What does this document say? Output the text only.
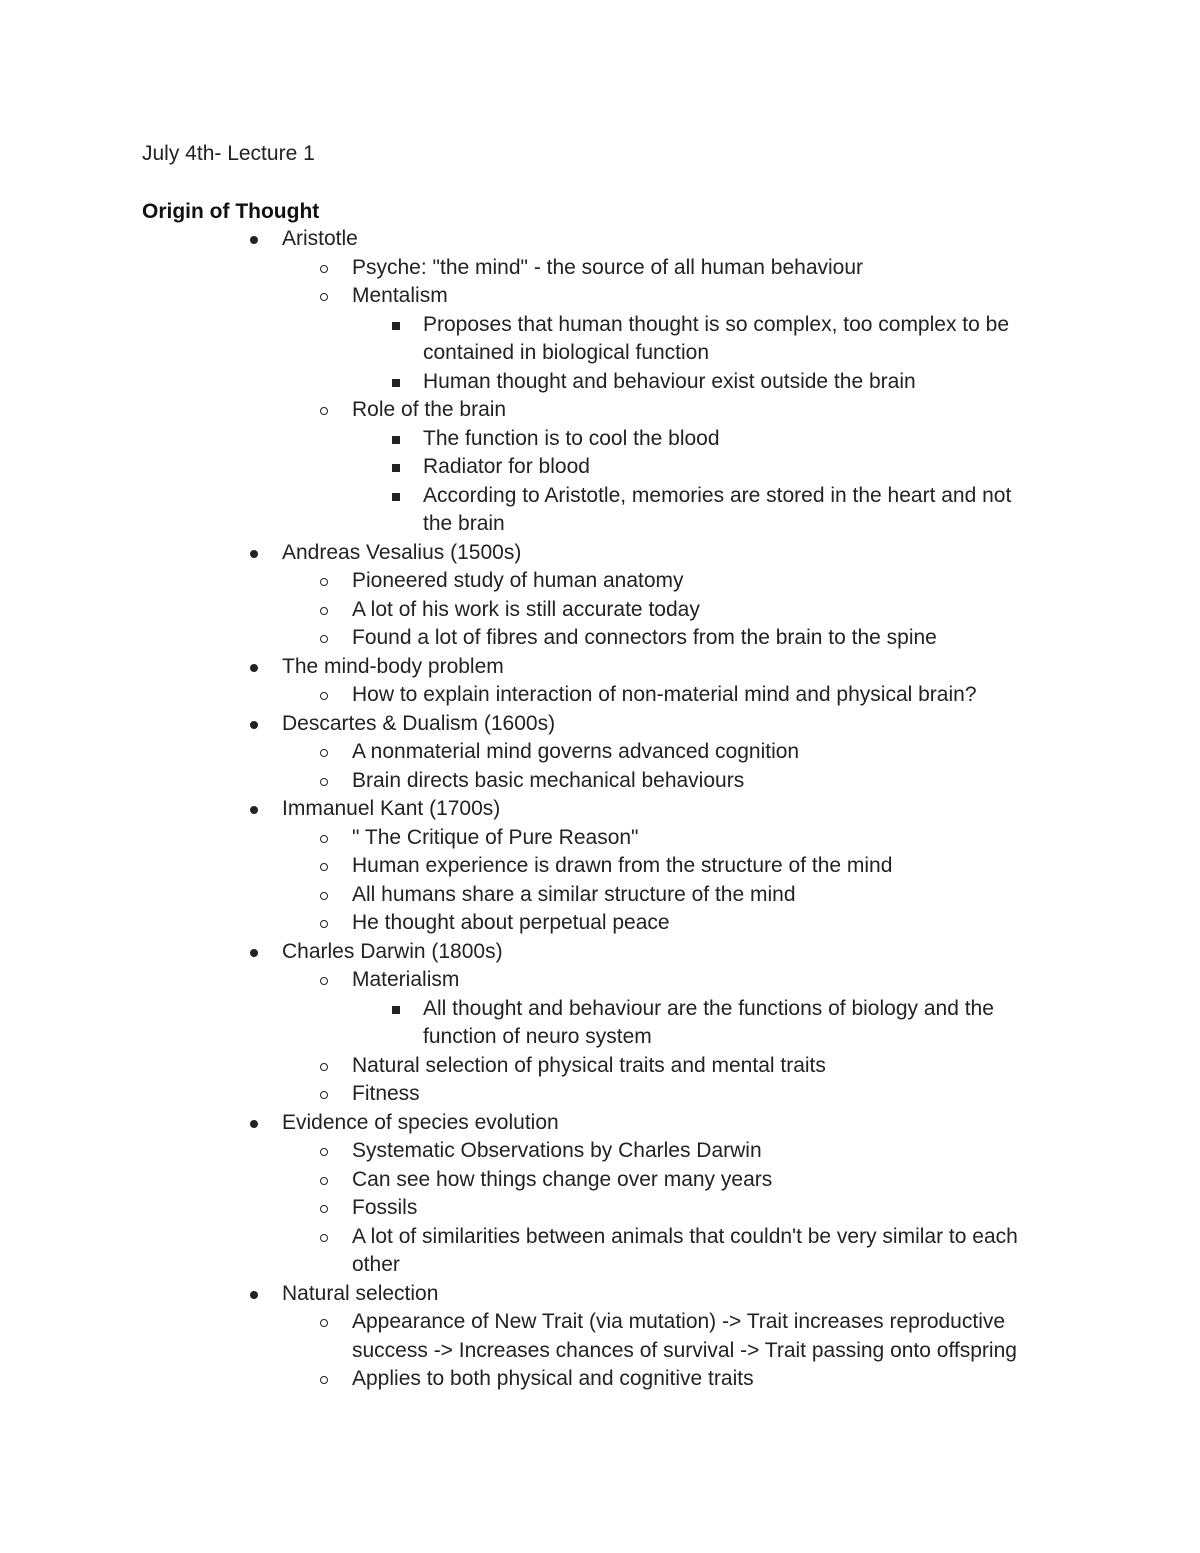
July 4th- Lecture 1
Origin of Thought
Aristotle
Psyche: "the mind" - the source of all human behaviour
Mentalism
Proposes that human thought is so complex, too complex to be contained in biological function
Human thought and behaviour exist outside the brain
Role of the brain
The function is to cool the blood
Radiator for blood
According to Aristotle, memories are stored in the heart and not the brain
Andreas Vesalius (1500s)
Pioneered study of human anatomy
A lot of his work is still accurate today
Found a lot of fibres and connectors from the brain to the spine
The mind-body problem
How to explain interaction of non-material mind and physical brain?
Descartes & Dualism (1600s)
A nonmaterial mind governs advanced cognition
Brain directs basic mechanical behaviours
Immanuel Kant (1700s)
" The Critique of Pure Reason"
Human experience is drawn from the structure of the mind
All humans share a similar structure of the mind
He thought about perpetual peace
Charles Darwin (1800s)
Materialism
All thought and behaviour are the functions of biology and the function of neuro system
Natural selection of physical traits and mental traits
Fitness
Evidence of species evolution
Systematic Observations by Charles Darwin
Can see how things change over many years
Fossils
A lot of similarities between animals that couldn't be very similar to each other
Natural selection
Appearance of New Trait (via mutation) -> Trait increases reproductive success -> Increases chances of survival -> Trait passing onto offspring
Applies to both physical and cognitive traits
